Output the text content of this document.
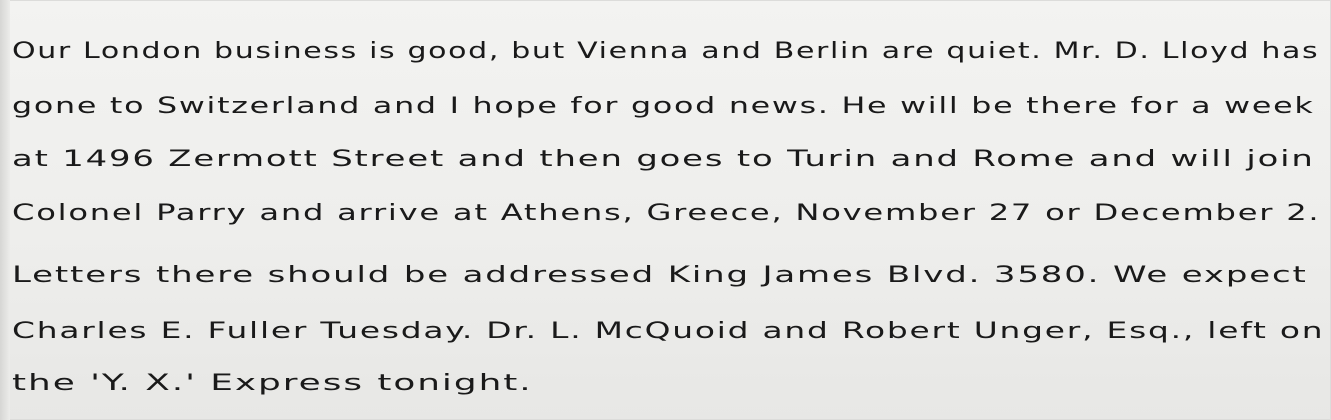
Our London business is good, but Vienna and Berlin are quiet. Mr. D. Lloyd has
gone to Switzerland and I hope for good news. He will be there for a week
at 1496 Zermott Street and then goes to Turin and Rome and will join
Colonel Parry and arrive at Athens, Greece, November 27 or December 2.
Letters there should be addressed King James Blvd. 3580. We expect
Charles E. Fuller Tuesday. Dr. L. McQuoid and Robert Unger, Esq., left on
the 'Y. X.' Express tonight.
